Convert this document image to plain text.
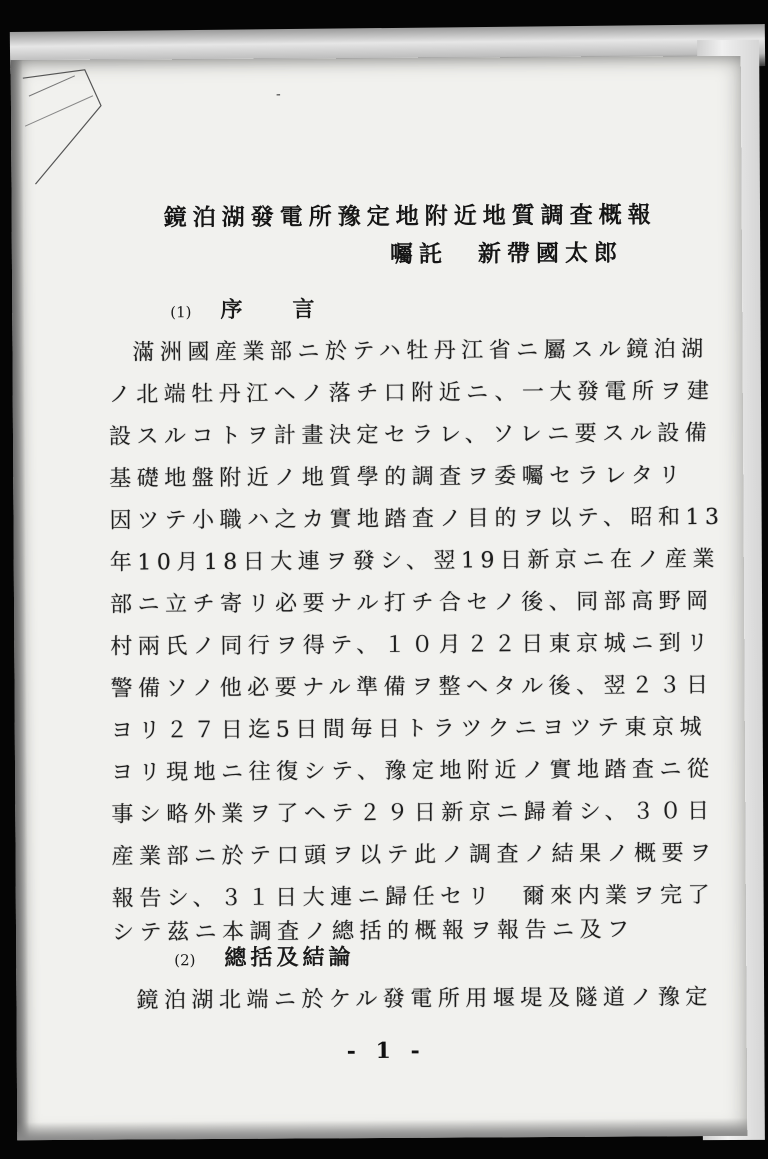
-
鏡泊湖發電所豫定地附近地質調査概報
囑託 新帶國太郎
(1) 序　言
滿洲國産業部ニ於テハ牡丹江省ニ屬スル鏡泊湖
ノ北端牡丹江ヘノ落チ口附近ニ、一大發電所ヲ建
設スルコトヲ計畫決定セラレ、ソレニ要スル設備
基礎地盤附近ノ地質學的調査ヲ委囑セラレタリ
因ツテ小職ハ之カ實地踏査ノ目的ヲ以テ、昭和13
年10月18日大連ヲ發シ、翌19日新京ニ在ノ産業
部ニ立チ寄リ必要ナル打チ合セノ後、同部高野岡
村兩氏ノ同行ヲ得テ、１０月２２日東京城ニ到リ
警備ソノ他必要ナル準備ヲ整ヘタル後、翌２３日
ヨリ２７日迄5日間毎日トラツクニヨツテ東京城
ヨリ現地ニ往復シテ、豫定地附近ノ實地踏査ニ從
事シ略外業ヲ了ヘテ２９日新京ニ歸着シ、３０日
産業部ニ於テ口頭ヲ以テ此ノ調査ノ結果ノ概要ヲ
報告シ、３１日大連ニ歸任セリ　爾來内業ヲ完了
シテ茲ニ本調査ノ總括的概報ヲ報告ニ及フ
(2) 總括及結論
鏡泊湖北端ニ於ケル發電所用堰堤及隧道ノ豫定
- 1 -
